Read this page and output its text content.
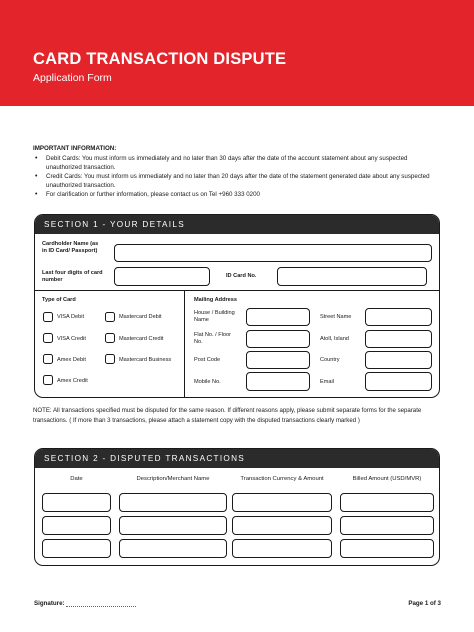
CARD TRANSACTION DISPUTE
Application Form
IMPORTANT INFORMATION:
• Debit Cards: You must inform us immediately and no later than 30 days after the date of the account statement about any suspected unauthorized transaction.
• Credit Cards: You must inform us immediately and no later than 20 days after the date of the statement generated date about any suspected unauthorized transaction.
• For clarification or further information, please contact us on Tel +960 333 0200
SECTION 1 - YOUR DETAILS
Cardholder Name (as in ID Card/ Passport)
Last four digits of card number
ID Card No.
Type of Card
VISA Debit	Mastercard Debit
VISA Credit	Mastercard Credit
Amex Debit	Mastercard Business
Amex Credit
Mailing Address
House / Building Name	Street Name
Flat No. / Floor No.	Atoll, Island
Post Code	Country
Mobile No.	Email
NOTE: All transactions specified must be disputed for the same reason. If different reasons apply, please submit separate forms for the separate transactions. ( If more than 3 transactions, please attach a statement copy with the disputed transactions clearly marked )
SECTION 2 - DISPUTED TRANSACTIONS
Date	Description/Merchant Name	Transaction Currency & Amount	Billed Amount (USD/MVR)
Signature:	Page 1 of 3
